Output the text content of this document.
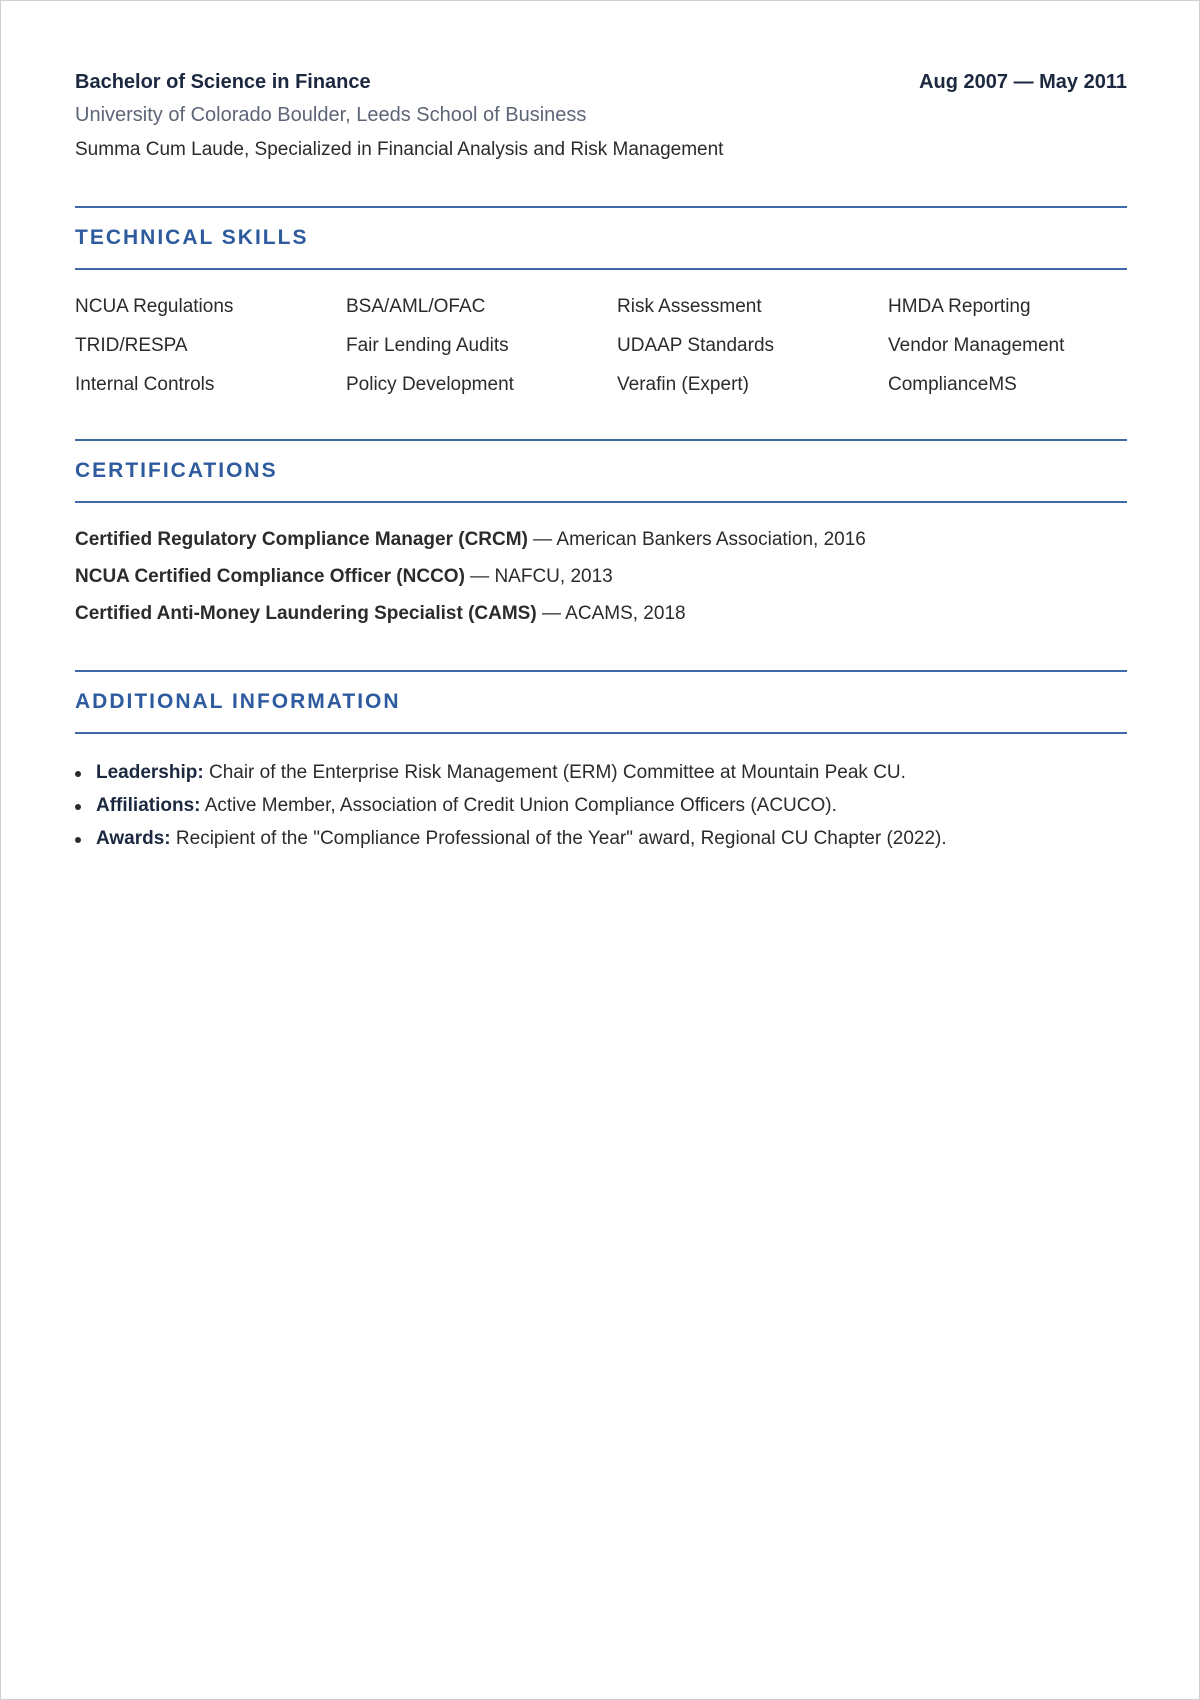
Bachelor of Science in Finance	Aug 2007 — May 2011
University of Colorado Boulder, Leeds School of Business
Summa Cum Laude, Specialized in Financial Analysis and Risk Management
TECHNICAL SKILLS
NCUA Regulations	BSA/AML/OFAC	Risk Assessment	HMDA Reporting
TRID/RESPA	Fair Lending Audits	UDAAP Standards	Vendor Management
Internal Controls	Policy Development	Verafin (Expert)	ComplianceMS
CERTIFICATIONS
Certified Regulatory Compliance Manager (CRCM) — American Bankers Association, 2016
NCUA Certified Compliance Officer (NCCO) — NAFCU, 2013
Certified Anti-Money Laundering Specialist (CAMS) — ACAMS, 2018
ADDITIONAL INFORMATION
Leadership: Chair of the Enterprise Risk Management (ERM) Committee at Mountain Peak CU.
Affiliations: Active Member, Association of Credit Union Compliance Officers (ACUCO).
Awards: Recipient of the "Compliance Professional of the Year" award, Regional CU Chapter (2022).
